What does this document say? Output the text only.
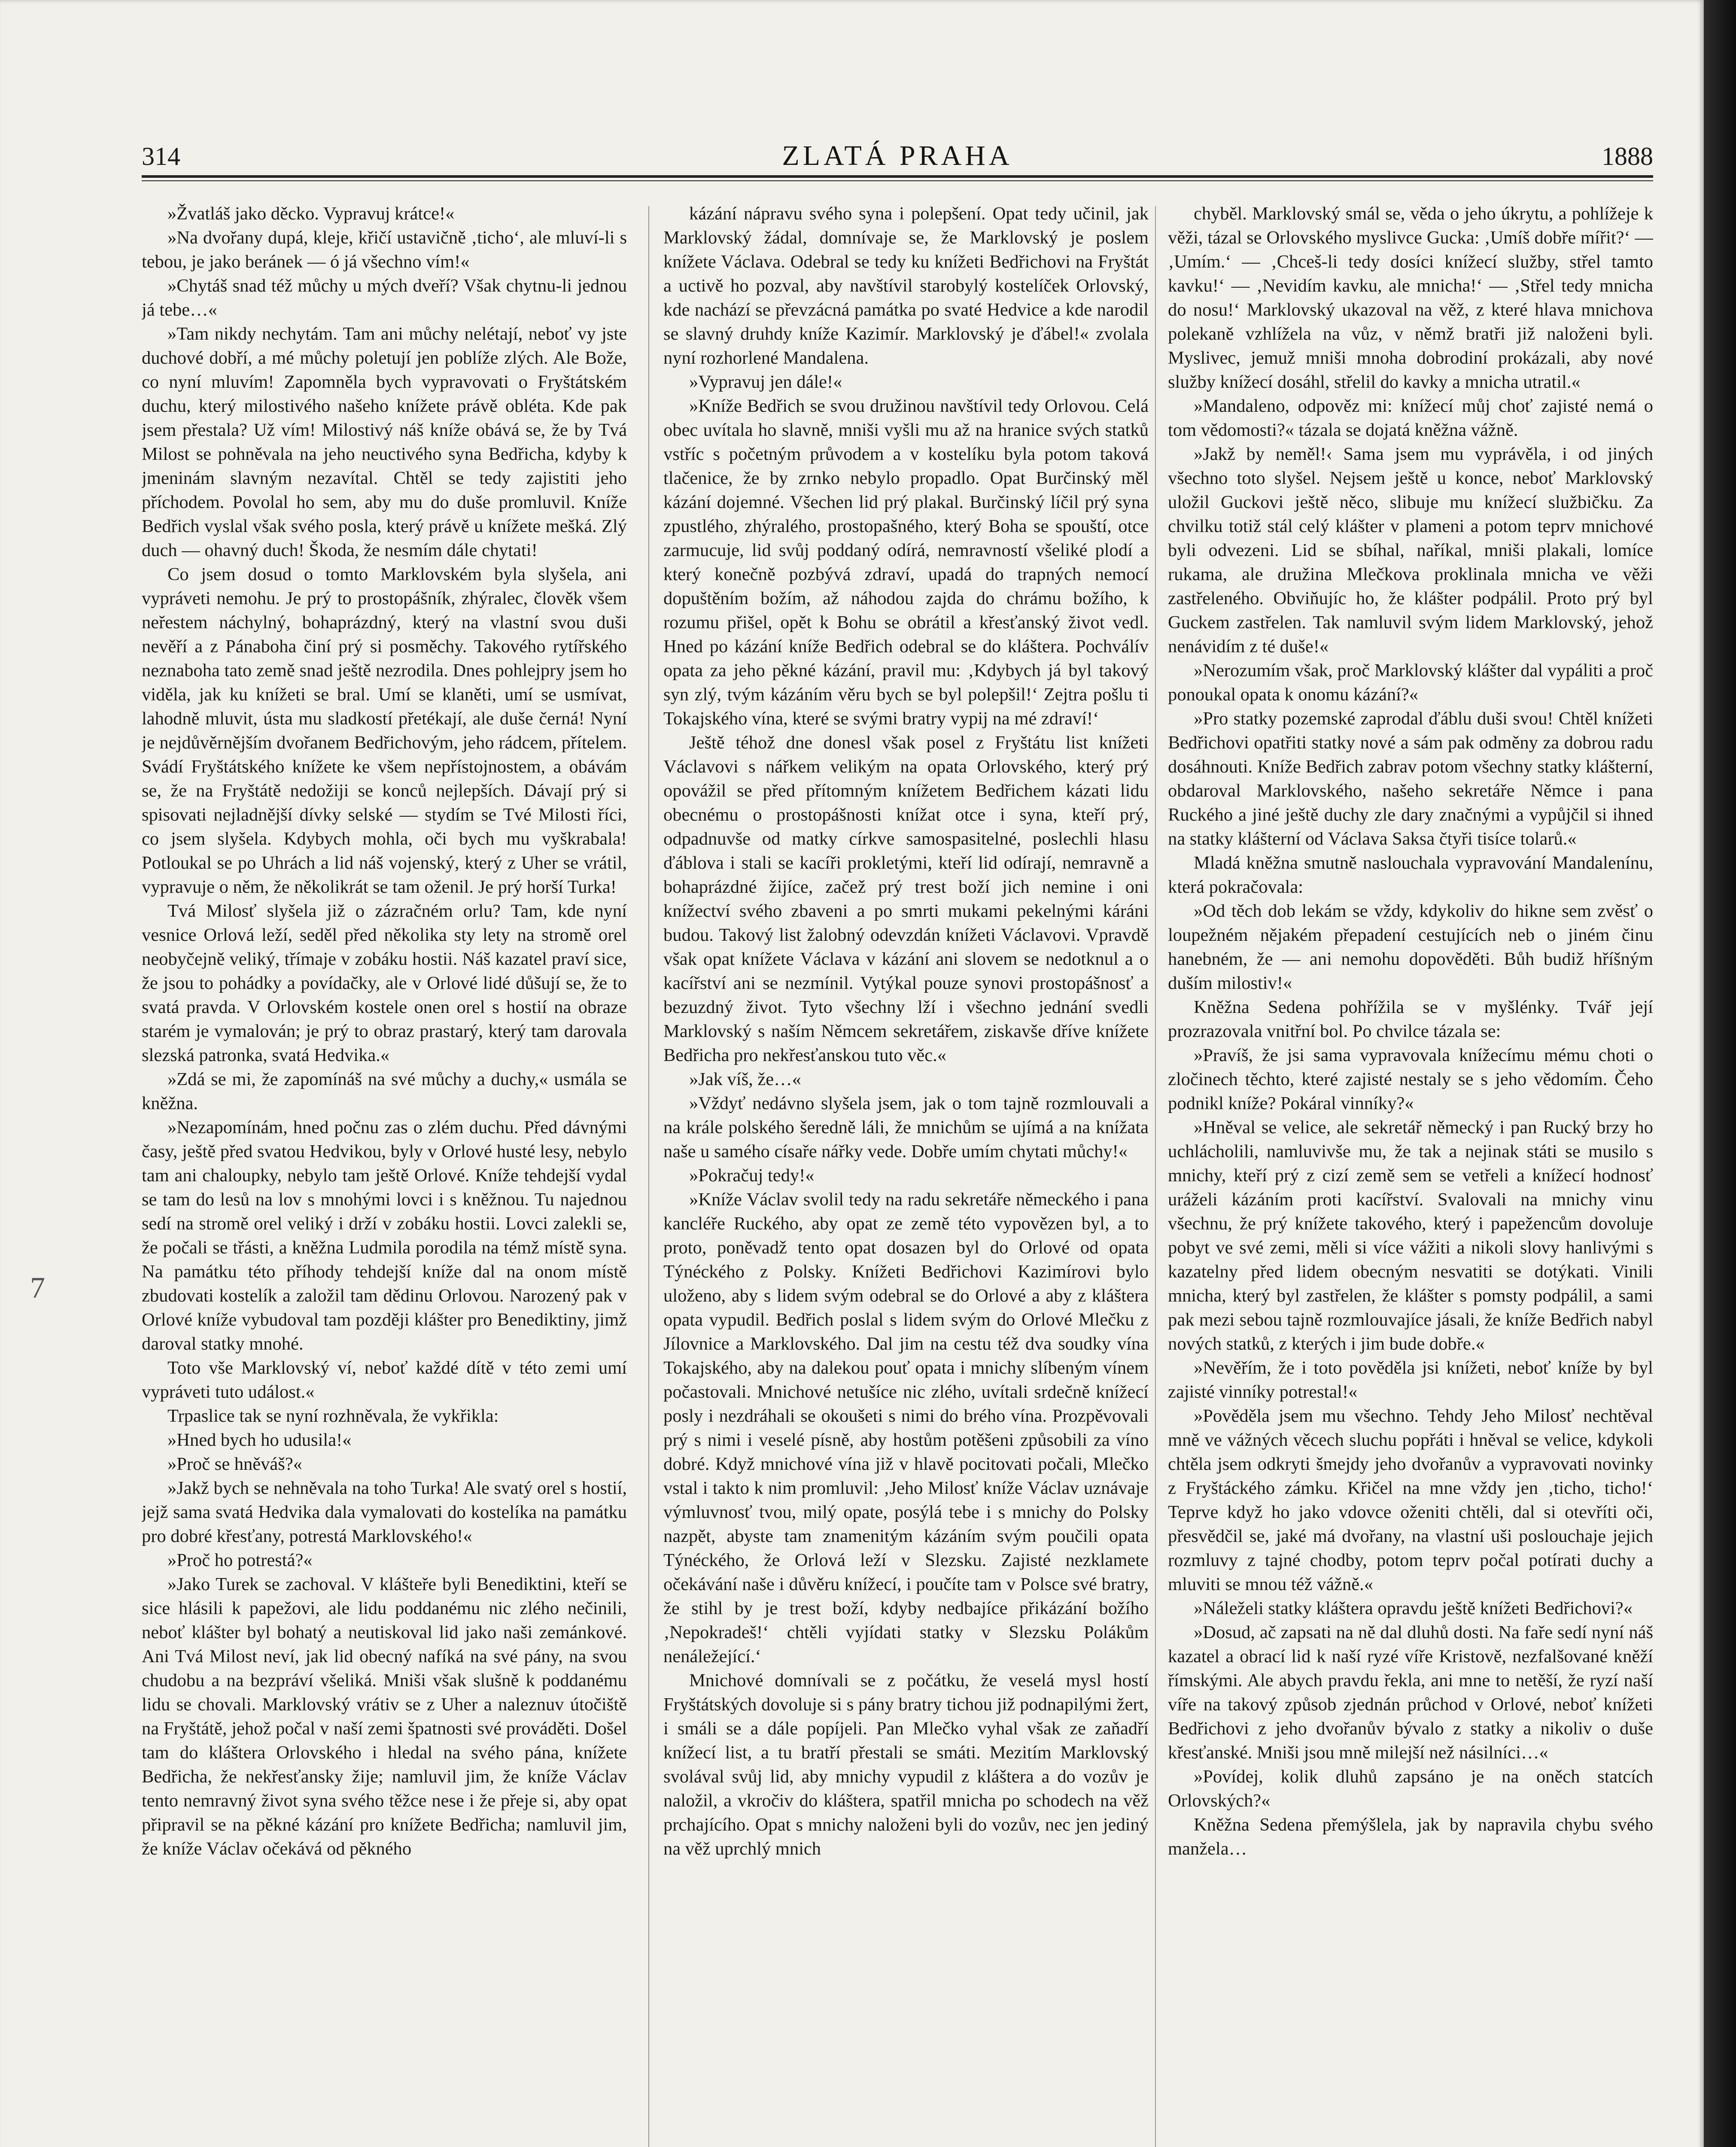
314	ZLATÁ PRAHA	1888
7

»Žvatláš jako děcko. Vypravuj krátce!«

»Na dvořany dupá, kleje, křičí ustavičně ‚ticho‘, ale mluví-li s tebou, je jako beránek — ó já všechno vím!«

»Chytáš snad též můchy u mých dveří? Však chytnu-li jednou já tebe…«

»Tam nikdy nechytám. Tam ani můchy nelétají, neboť vy jste duchové dobří, a mé můchy poletují jen poblíže zlých. Ale Bože, co nyní mluvím! Zapomněla bych vypravovati o Fryštátském duchu, který milostivého našeho knížete právě obléta. Kde pak jsem přestala? Už vím! Milostivý náš kníže obává se, že by Tvá Milost se pohněvala na jeho neuctivého syna Bedřicha, kdyby k jmeninám slavným nezavítal. Chtěl se tedy zajistiti jeho příchodem. Povolal ho sem, aby mu do duše promluvil. Kníže Bedřich vyslal však svého posla, který právě u knížete mešká. Zlý duch — ohavný duch! Škoda, že nesmím dále chytati!

Co jsem dosud o tomto Marklovském byla slyšela, ani vypráveti nemohu. Je prý to prostopášník, zhýralec, člověk všem neřestem náchylný, bohaprázdný, který na vlastní svou duši nevěří a z Pánaboha činí prý si posměchy. Takového rytířského neznaboha tato země snad ještě nezrodila. Dnes pohlejpry jsem ho viděla, jak ku knížeti se bral. Umí se klaněti, umí se usmívat, lahodně mluvit, ústa mu sladkostí přetékají, ale duše černá! Nyní je nejdůvěrnějším dvořanem Bedřichovým, jeho rádcem, přítelem. Svádí Fryštátského knížete ke všem nepřístojnostem, a obávám se, že na Fryštátě nedožiji se konců nejlepších. Dávají prý si spisovati nejladnější dívky selské — stydím se Tvé Milosti říci, co jsem slyšela. Kdybych mohla, oči bych mu vyškrabala! Potloukal se po Uhrách a lid náš vojenský, který z Uher se vrátil, vypravuje o něm, že několikrát se tam oženil. Je prý horší Turka!

Tvá Milosť slyšela již o zázračném orlu? Tam, kde nyní vesnice Orlová leží, seděl před několika sty lety na stromě orel neobyčejně veliký, třímaje v zobáku hostii. Náš kazatel praví sice, že jsou to pohádky a povídačky, ale v Orlové lidé důšují se, že to svatá pravda. V Orlovském kostele onen orel s hostií na obraze starém je vymalován; je prý to obraz prastarý, který tam darovala slezská patronka, svatá Hedvika.«

»Zdá se mi, že zapomínáš na své můchy a duchy,« usmála se kněžna.

»Nezapomínám, hned počnu zas o zlém duchu. Před dávnými časy, ještě před svatou Hedvikou, byly v Orlové husté lesy, nebylo tam ani chaloupky, nebylo tam ještě Orlové. Kníže tehdejší vydal se tam do lesů na lov s mnohými lovci i s kněžnou. Tu najednou sedí na stromě orel veliký i drží v zobáku hostii. Lovci zalekli se, že počali se třásti, a kněžna Ludmila porodila na témž místě syna. Na památku této příhody tehdejší kníže dal na onom místě zbudovati kostelík a založil tam dědinu Orlovou. Narozený pak v Orlové kníže vybudoval tam později klášter pro Benediktiny, jimž daroval statky mnohé.

Toto vše Marklovský ví, neboť každé dítě v této zemi umí vypráveti tuto událost.«

Trpaslice tak se nyní rozhněvala, že vykřikla:

»Hned bych ho udusila!«

»Proč se hněváš?«

»Jakž bych se nehněvala na toho Turka! Ale svatý orel s hostií, jejž sama svatá Hedvika dala vymalovati do kostelíka na památku pro dobré křesťany, potrestá Marklovského!«

»Proč ho potrestá?«

»Jako Turek se zachoval. V klášteře byli Benediktini, kteří se sice hlásili k papežovi, ale lidu poddanému nic zlého nečinili, neboť klášter byl bohatý a neutiskoval lid jako naši zemánkové. Ani Tvá Milost neví, jak lid obecný nafíká na své pány, na svou chudobu a na bezpráví všeliká. Mniši však slušně k poddanému lidu se chovali. Marklovský vrátiv se z Uher a naleznuv útočiště na Fryštátě, jehož počal v naší zemi špatnosti své prováděti. Došel tam do kláštera Orlovského i hledal na svého pána, knížete Bedřicha, že nekřesťansky žije; namluvil jim, že kníže Václav tento nemravný život syna svého těžce nese i že přeje si, aby opat připravil se na pěkné kázání pro knížete Bedřicha; namluvil jim, že kníže Václav očekává od pěkného

kázání nápravu svého syna i polepšení. Opat tedy učinil, jak Marklovský žádal, domnívaje se, že Marklovský je poslem knížete Václava. Odebral se tedy ku knížeti Bedřichovi na Fryštát a uctivě ho pozval, aby navštívil starobylý kostelíček Orlovský, kde nachází se převzácná památka po svaté Hedvice a kde narodil se slavný druhdy kníže Kazimír. Marklovský je ďábel!« zvolala nyní rozhorlené Mandalena.

»Vypravuj jen dále!«

»Kníže Bedřich se svou družinou navštívil tedy Orlovou. Celá obec uvítala ho slavně, mniši vyšli mu až na hranice svých statků vstříc s početným průvodem a v kostelíku byla potom taková tlačenice, že by zrnko nebylo propadlo. Opat Burčinský měl kázání dojemné. Všechen lid prý plakal. Burčinský líčil prý syna zpustlého, zhýralého, prostopašného, který Boha se spouští, otce zarmucuje, lid svůj poddaný odírá, nemravností všeliké plodí a který konečně pozbývá zdraví, upadá do trapných nemocí dopuštěním božím, až náhodou zajda do chrámu božího, k rozumu přišel, opět k Bohu se obrátil a křesťanský život vedl. Hned po kázání kníže Bedřich odebral se do kláštera. Pochválív opata za jeho pěkné kázání, pravil mu: ‚Kdybych já byl takový syn zlý, tvým kázáním věru bych se byl polepšil!‘ Zejtra pošlu ti Tokajského vína, které se svými bratry vypij na mé zdraví!‘

Ještě téhož dne donesl však posel z Fryštátu list knížeti Václavovi s nářkem velikým na opata Orlovského, který prý opovážil se před přítomným knížetem Bedřichem kázati lidu obecnému o prostopášnosti knížat otce i syna, kteří prý, odpadnuvše od matky církve samospasitelné, poslechli hlasu ďáblova i stali se kacíři prokletými, kteří lid odírají, nemravně a bohaprázdné žijíce, začež prý trest boží jich nemine i oni knížectví svého zbaveni a po smrti mukami pekelnými káráni budou. Takový list žalobný odevzdán knížeti Václavovi. Vpravdě však opat knížete Václava v kázání ani slovem se nedotknul a o kacířství ani se nezmínil. Vytýkal pouze synovi prostopášnosť a bezuzdný život. Tyto všechny lží i všechno jednání svedli Marklovský s naším Němcem sekretářem, ziskavše dříve knížete Bedřicha pro nekřesťanskou tuto věc.«

»Jak víš, že…«

»Vždyť nedávno slyšela jsem, jak o tom tajně rozmlouvali a na krále polského šeredně láli, že mnichům se ujímá a na knížata naše u samého císaře nářky vede. Dobře umím chytati můchy!«

»Pokračuj tedy!«

»Kníže Václav svolil tedy na radu sekretáře německého i pana kancléře Ruckého, aby opat ze země této vypovězen byl, a to proto, poněvadž tento opat dosazen byl do Orlové od opata Týnéckého z Polsky. Knížeti Bedřichovi Kazimírovi bylo uloženo, aby s lidem svým odebral se do Orlové a aby z kláštera opata vypudil. Bedřich poslal s lidem svým do Orlové Mlečku z Jílovnice a Marklovského. Dal jim na cestu též dva soudky vína Tokajského, aby na dalekou pouť opata i mnichy slíbeným vínem počastovali. Mnichové netušíce nic zlého, uvítali srdečně knížecí posly i nezdráhali se okoušeti s nimi do brého vína. Prozpěvovali prý s nimi i veselé písně, aby hostům potěšeni způsobili za víno dobré. Když mnichové vína již v hlavě pocitovati počali, Mlečko vstal i takto k nim promluvil: ‚Jeho Milosť kníže Václav uznávaje výmluvnosť tvou, milý opate, posýlá tebe i s mnichy do Polsky nazpět, abyste tam znamenitým kázáním svým poučili opata Týnéckého, že Orlová leží v Slezsku. Zajisté nezklamete očekávání naše i důvěru knížecí, i poučíte tam v Polsce své bratry, že stihl by je trest boží, kdyby nedbajíce přikázání božího ‚Nepokradeš!‘ chtěli vyjídati statky v Slezsku Polákům nenáležející.‘

Mnichové domnívali se z počátku, že veselá mysl hostí Fryštátských dovoluje si s pány bratry tichou již podnapilými žert, i smáli se a dále popíjeli. Pan Mlečko vyhal však ze zaňadří knížecí list, a tu bratří přestali se smáti. Mezitím Marklovský svolával svůj lid, aby mnichy vypudil z kláštera a do vozův je naložil, a vkročiv do kláštera, spatřil mnicha po schodech na věž prchajícího. Opat s mnichy naloženi byli do vozův, nec jen jediný na věž uprchlý mnich

chyběl. Marklovský smál se, věda o jeho úkrytu, a pohlížeje k věži, tázal se Orlovského myslivce Gucka: ‚Umíš dobře mířit?‘ — ‚Umím.‘ — ‚Chceš-li tedy dosíci knížecí služby, střel tamto kavku!‘ — ‚Nevidím kavku, ale mnicha!‘ — ‚Střel tedy mnicha do nosu!‘ Marklovský ukazoval na věž, z které hlava mnichova polekaně vzhlížela na vůz, v němž bratři již naloženi byli. Myslivec, jemuž mniši mnoha dobrodiní prokázali, aby nové služby knížecí dosáhl, střelil do kavky a mnicha utratil.«

»Mandaleno, odpověz mi: knížecí můj choť zajisté nemá o tom vědomosti?« tázala se dojatá kněžna vážně.

»Jakž by neměl!‹ Sama jsem mu vyprávěla, i od jiných všechno toto slyšel. Nejsem ještě u konce, neboť Marklovský uložil Guckovi ještě něco, slibuje mu knížecí službičku. Za chvilku totiž stál celý klášter v plameni a potom teprv mnichové byli odvezeni. Lid se sbíhal, naříkal, mniši plakali, lomíce rukama, ale družina Mlečkova proklinala mnicha ve věži zastřeleného. Obviňujíc ho, že klášter podpálil. Proto prý byl Guckem zastřelen. Tak namluvil svým lidem Marklovský, jehož nenávidím z té duše!«

»Nerozumím však, proč Marklovský klášter dal vypáliti a proč ponoukal opata k onomu kázání?«

»Pro statky pozemské zaprodal ďáblu duši svou! Chtěl knížeti Bedřichovi opatřiti statky nové a sám pak odměny za dobrou radu dosáhnouti. Kníže Bedřich zabrav potom všechny statky klášterní, obdaroval Marklovského, našeho sekretáře Němce i pana Ruckého a jiné ještě duchy zle dary značnými a vypůjčil si ihned na statky klášterní od Václava Saksa čtyři tisíce tolarů.«

Mladá kněžna smutně naslouchala vypravování Mandalenínu, která pokračovala:

»Od těch dob lekám se vždy, kdykoliv do hikne sem zvěsť o loupežném nějakém přepadení cestujících neb o jiném činu hanebném, že — ani nemohu dopověděti. Bůh budiž hříšným duším milostiv!«

Kněžna Sedena pohřížila se v myšlénky. Tvář její prozrazovala vnitřní bol. Po chvilce tázala se:

»Pravíš, že jsi sama vypravovala knížecímu mému choti o zločinech těchto, které zajisté nestaly se s jeho vědomím. Čeho podnikl kníže? Pokáral vinníky?«

»Hněval se velice, ale sekretář německý i pan Rucký brzy ho uchlácholili, namluvivše mu, že tak a nejinak státi se musilo s mnichy, kteří prý z cizí země sem se vetřeli a knížecí hodnosť uráželi kázáním proti kacířství. Svalovali na mnichy vinu všechnu, že prý knížete takového, který i papežencům dovoluje pobyt ve své zemi, měli si více vážiti a nikoli slovy hanlivými s kazatelny před lidem obecným nesvatiti se dotýkati. Vinili mnicha, který byl zastřelen, že klášter s pomsty podpálil, a sami pak mezi sebou tajně rozmlouvajíce jásali, že kníže Bedřich nabyl nových statků, z kterých i jim bude dobře.«

»Nevěřím, že i toto pověděla jsi knížeti, neboť kníže by byl zajisté vinníky potrestal!«

»Pověděla jsem mu všechno. Tehdy Jeho Milosť nechtěval mně ve vážných věcech sluchu popřáti i hněval se velice, kdykoli chtěla jsem odkryti šmejdy jeho dvořanův a vypravovati novinky z Fryštáckého zámku. Křičel na mne vždy jen ‚ticho, ticho!‘ Teprve když ho jako vdovce oženiti chtěli, dal si otevříti oči, přesvědčil se, jaké má dvořany, na vlastní uši poslouchaje jejich rozmluvy z tajné chodby, potom teprv počal potírati duchy a mluviti se mnou též vážně.«

»Náleželi statky kláštera opravdu ještě knížeti Bedřichovi?«

»Dosud, ač zapsati na ně dal dluhů dosti. Na faře sedí nyní náš kazatel a obrací lid k naší ryzé víře Kristově, nezfalšované kněží římskými. Ale abych pravdu řekla, ani mne to netěší, že ryzí naší víře na takový způsob zjednán průchod v Orlové, neboť knížeti Bedřichovi z jeho dvořanův bývalo z statky a nikoliv o duše křesťanské. Mniši jsou mně milejší než násilníci…«

»Povídej, kolik dluhů zapsáno je na oněch statcích Orlovských?«

Kněžna Sedena přemýšlela, jak by napravila chybu svého manžela…
